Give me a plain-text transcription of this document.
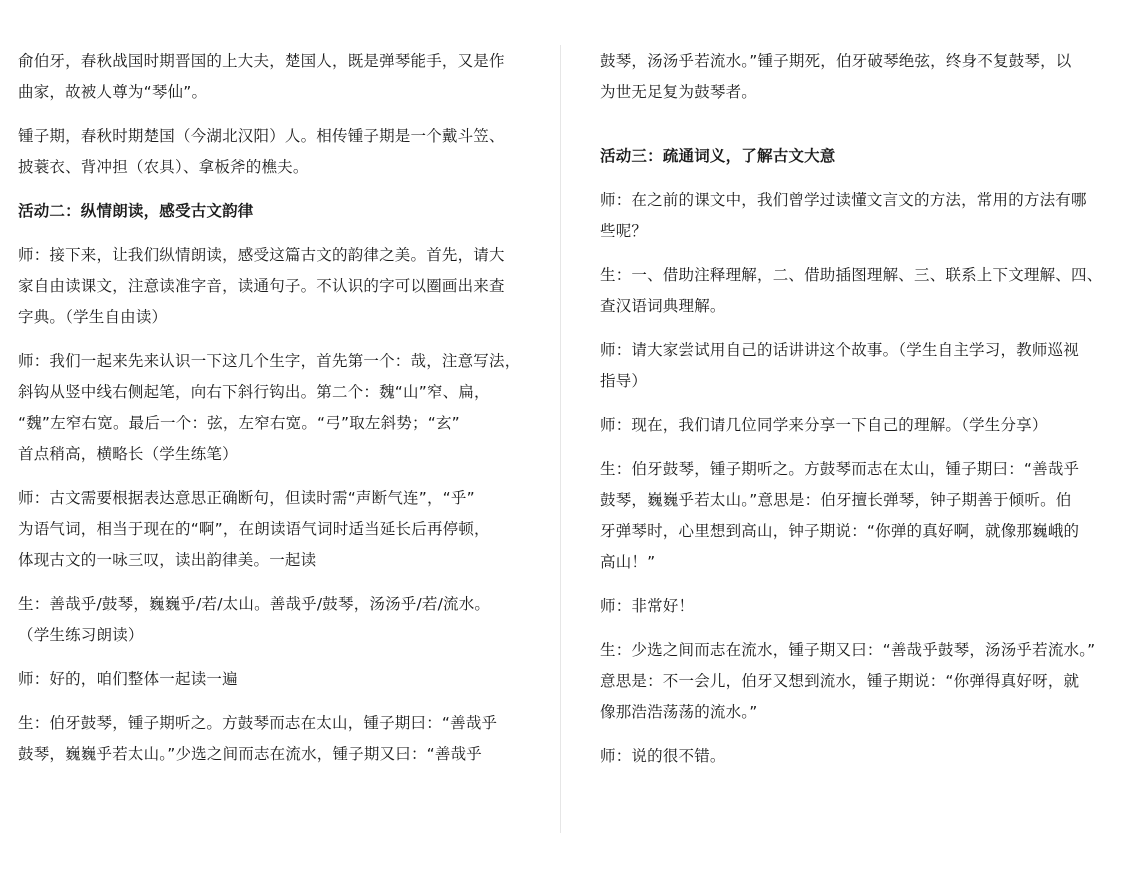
俞伯牙，春秋战国时期晋国的上大夫，楚国人，既是弹琴能手，又是作
曲家，故被人尊为“琴仙”。
锺子期，春秋时期楚国（今湖北汉阳）人。相传锺子期是一个戴斗笠、
披蓑衣、背冲担（农具）、拿板斧的樵夫。
活动二：纵情朗读，感受古文韵律
师：接下来，让我们纵情朗读，感受这篇古文的韵律之美。首先，请大
家自由读课文，注意读准字音，读通句子。不认识的字可以圈画出来查
字典。（学生自由读）
师：我们一起来先来认识一下这几个生字，首先第一个：哉，注意写法，
斜钩从竖中线右侧起笔，向右下斜行钩出。第二个：魏“山”窄、扁，
“魏”左窄右宽。最后一个：弦，左窄右宽。“弓”取左斜势；“玄”
首点稍高，横略长（学生练笔）
师：古文需要根据表达意思正确断句，但读时需“声断气连”，“乎”
为语气词，相当于现在的“啊”，在朗读语气词时适当延长后再停顿，
体现古文的一咏三叹，读出韵律美。一起读
生：善哉乎/鼓琴，巍巍乎/若/太山。善哉乎/鼓琴，汤汤乎/若/流水。
（学生练习朗读）
师：好的，咱们整体一起读一遍
生：伯牙鼓琴，锺子期听之。方鼓琴而志在太山，锺子期曰：“善哉乎
鼓琴，巍巍乎若太山。”少选之间而志在流水，锺子期又曰：“善哉乎
鼓琴，汤汤乎若流水。”锺子期死，伯牙破琴绝弦，终身不复鼓琴，以
为世无足复为鼓琴者。
活动三：疏通词义，了解古文大意
师：在之前的课文中，我们曾学过读懂文言文的方法，常用的方法有哪
些呢？
生：一、借助注释理解，二、借助插图理解、三、联系上下文理解、四、
查汉语词典理解。
师：请大家尝试用自己的话讲讲这个故事。（学生自主学习，教师巡视
指导）
师：现在，我们请几位同学来分享一下自己的理解。（学生分享）
生：伯牙鼓琴，锺子期听之。方鼓琴而志在太山，锺子期曰：“善哉乎
鼓琴，巍巍乎若太山。”意思是：伯牙擅长弹琴，钟子期善于倾听。伯
牙弹琴时，心里想到高山，钟子期说：“你弹的真好啊，就像那巍峨的
高山！”
师：非常好！
生：少选之间而志在流水，锺子期又曰：“善哉乎鼓琴，汤汤乎若流水。”
意思是：不一会儿，伯牙又想到流水，锺子期说：“你弹得真好呀，就
像那浩浩荡荡的流水。”
师：说的很不错。
